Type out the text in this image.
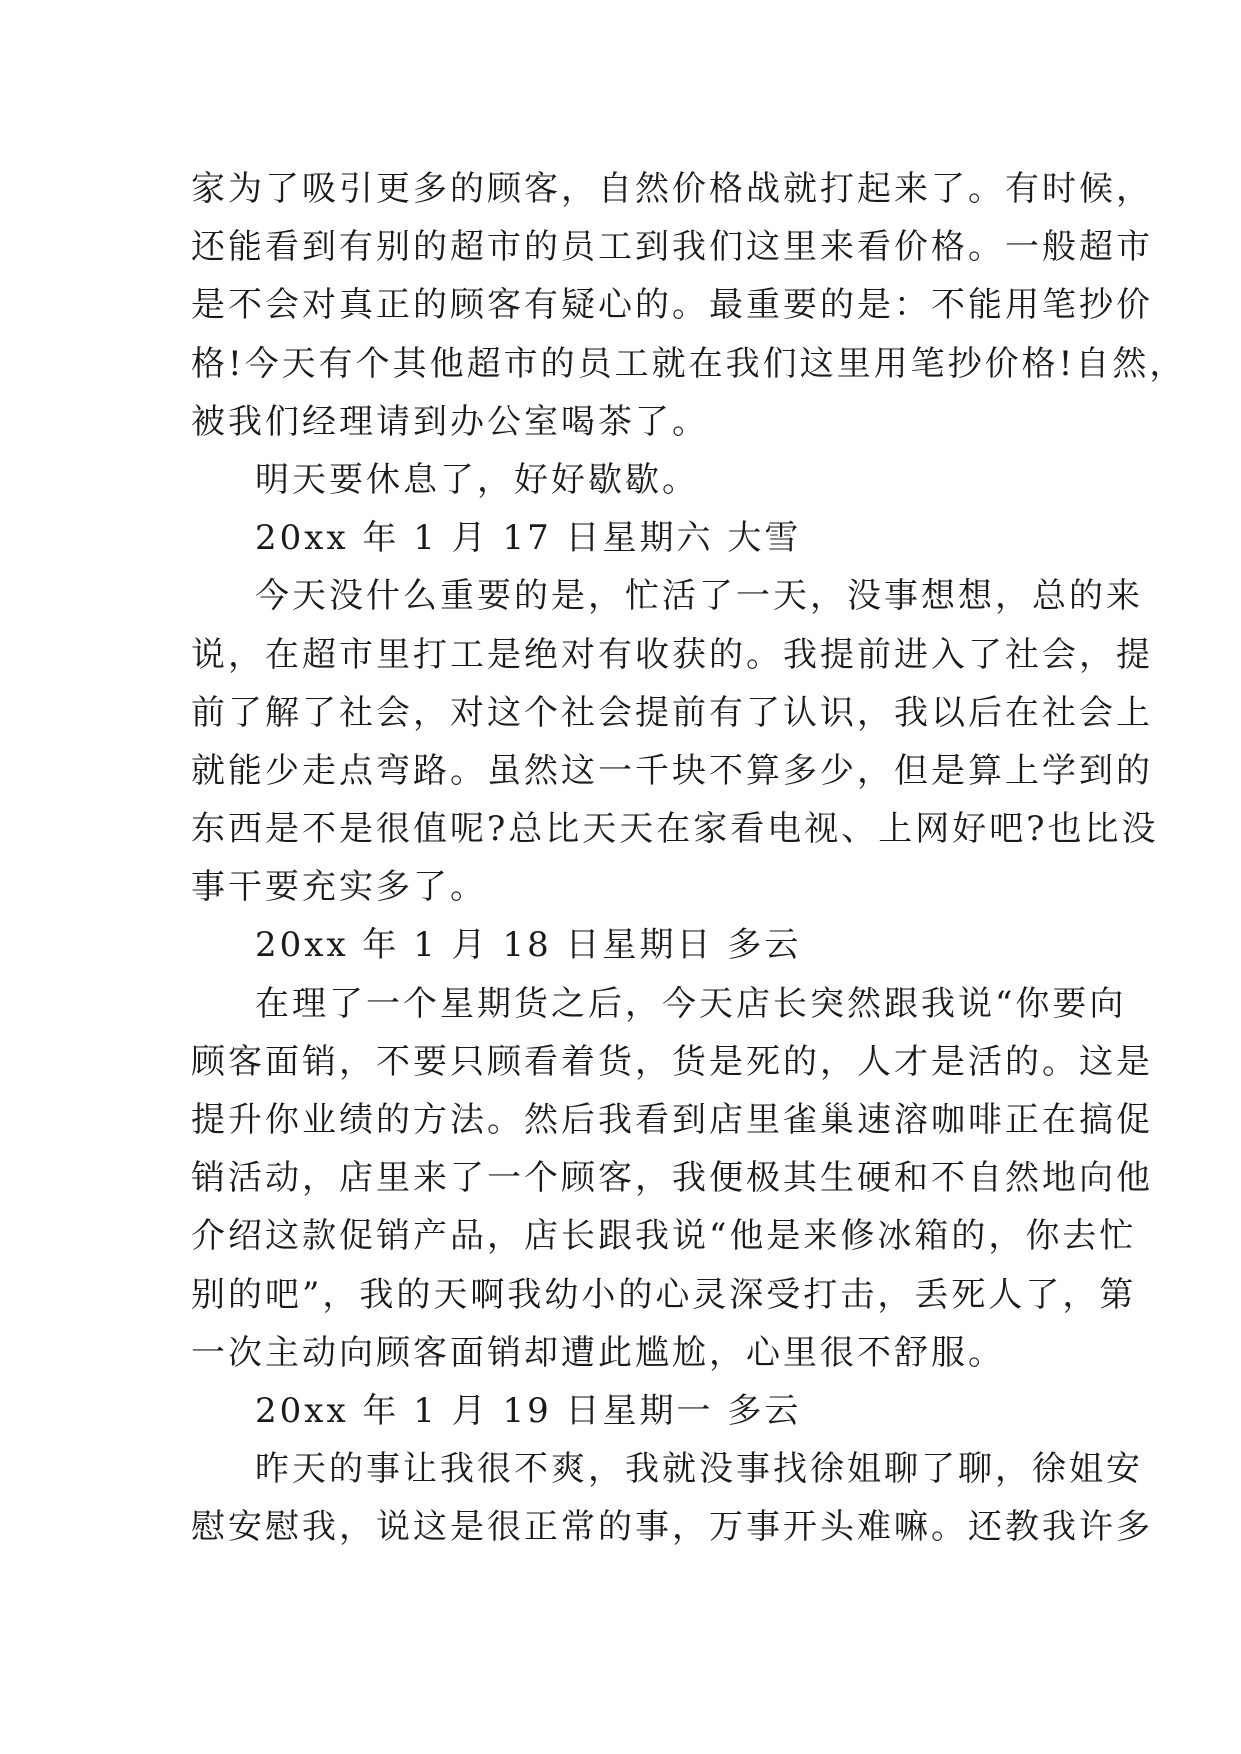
家为了吸引更多的顾客，自然价格战就打起来了。有时候，
还能看到有别的超市的员工到我们这里来看价格。一般超市
是不会对真正的顾客有疑心的。最重要的是：不能用笔抄价
格!今天有个其他超市的员工就在我们这里用笔抄价格!自然，
被我们经理请到办公室喝茶了。
明天要休息了，好好歇歇。
20xx 年 1 月 17 日星期六 大雪
今天没什么重要的是，忙活了一天，没事想想，总的来
说，在超市里打工是绝对有收获的。我提前进入了社会，提
前了解了社会，对这个社会提前有了认识，我以后在社会上
就能少走点弯路。虽然这一千块不算多少，但是算上学到的
东西是不是很值呢?总比天天在家看电视、上网好吧?也比没
事干要充实多了。
20xx 年 1 月 18 日星期日 多云
在理了一个星期货之后，今天店长突然跟我说“你要向
顾客面销，不要只顾看着货，货是死的，人才是活的。这是
提升你业绩的方法。然后我看到店里雀巢速溶咖啡正在搞促
销活动，店里来了一个顾客，我便极其生硬和不自然地向他
介绍这款促销产品，店长跟我说“他是来修冰箱的，你去忙
别的吧”，我的天啊我幼小的心灵深受打击，丢死人了，第
一次主动向顾客面销却遭此尴尬，心里很不舒服。
20xx 年 1 月 19 日星期一 多云
昨天的事让我很不爽，我就没事找徐姐聊了聊，徐姐安
慰安慰我，说这是很正常的事，万事开头难嘛。还教我许多
